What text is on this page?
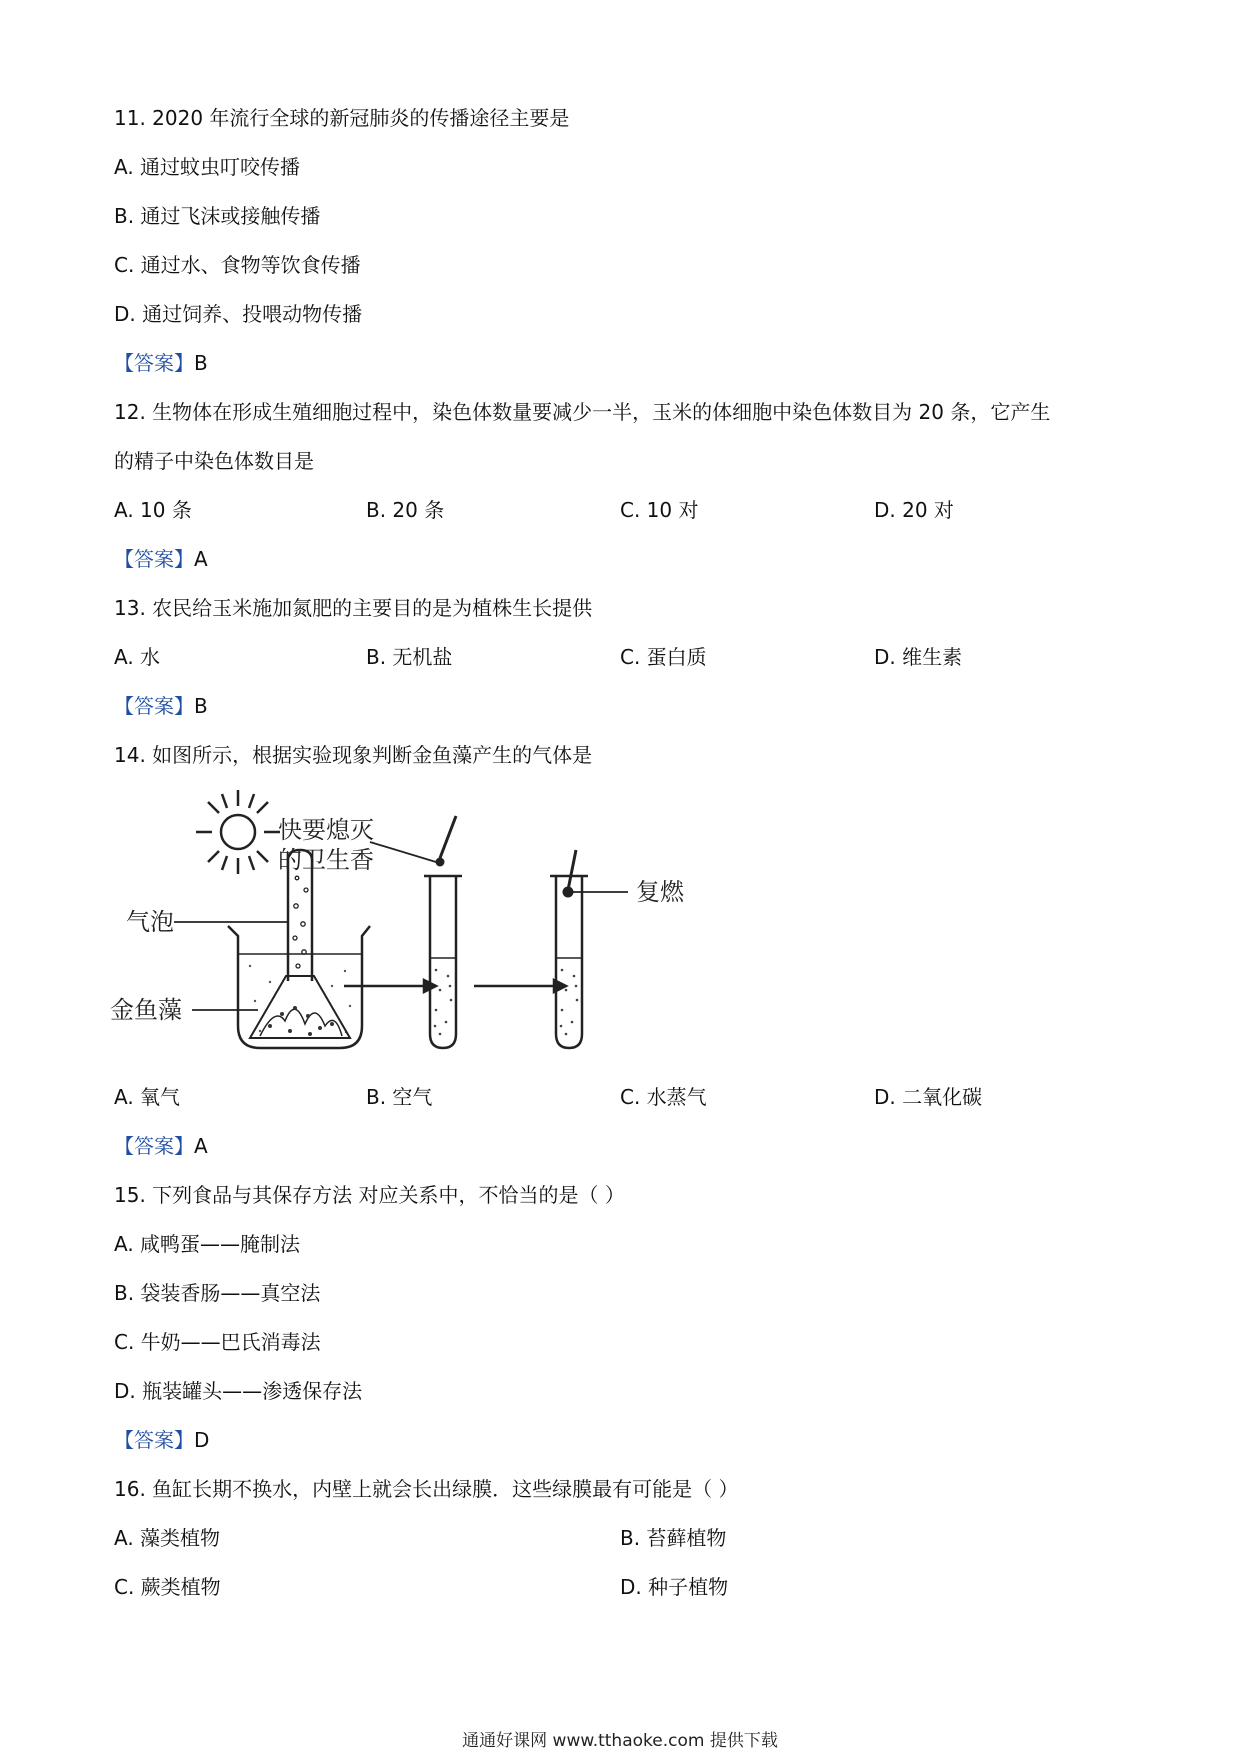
11. 2020 年流行全球的新冠肺炎的传播途径主要是
A. 通过蚊虫叮咬传播
B. 通过飞沫或接触传播
C. 通过水、食物等饮食传播
D. 通过饲养、投喂动物传播
【答案】B
12. 生物体在形成生殖细胞过程中，染色体数量要减少一半，玉米的体细胞中染色体数目为 20 条，它产生
的精子中染色体数目是
A. 10 条	B. 20 条	C. 10 对	D. 20 对
【答案】A
13. 农民给玉米施加氮肥的主要目的是为植株生长提供
A. 水	B. 无机盐	C. 蛋白质	D. 维生素
【答案】B
14. 如图所示，根据实验现象判断金鱼藻产生的气体是
快要熄灭
的卫生香
复燃
气泡
金鱼藻
A. 氧气	B. 空气	C. 水蒸气	D. 二氧化碳
【答案】A
15. 下列食品与其保存方法 对应关系中，不恰当的是（ ）
A. 咸鸭蛋——腌制法
B. 袋装香肠——真空法
C. 牛奶——巴氏消毒法
D. 瓶装罐头——渗透保存法
【答案】D
16. 鱼缸长期不换水，内壁上就会长出绿膜．这些绿膜最有可能是（ ）
A. 藻类植物	B. 苔藓植物
C. 蕨类植物	D. 种子植物
通通好课网 www.tthaoke.com 提供下载
